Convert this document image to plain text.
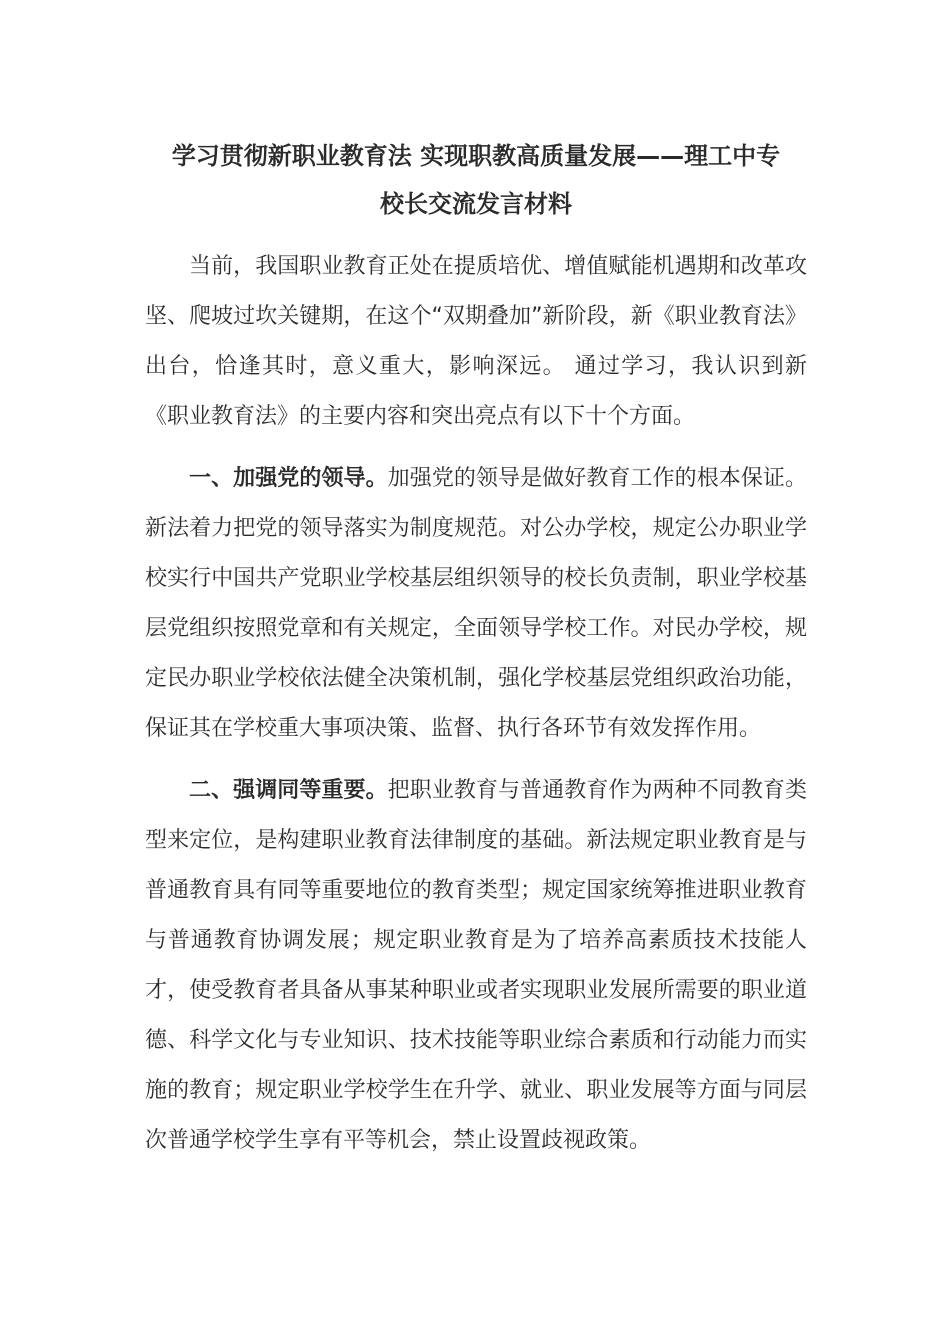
学习贯彻新职业教育法 实现职教高质量发展——理工中专
校长交流发言材料

当前，我国职业教育正处在提质培优、增值赋能机遇期和改革攻坚、爬坡过坎关键期，在这个“双期叠加”新阶段，新《职业教育法》出台，恰逢其时，意义重大，影响深远。 通过学习，我认识到新《职业教育法》的主要内容和突出亮点有以下十个方面。

一、加强党的领导。加强党的领导是做好教育工作的根本保证。新法着力把党的领导落实为制度规范。对公办学校，规定公办职业学校实行中国共产党职业学校基层组织领导的校长负责制，职业学校基层党组织按照党章和有关规定，全面领导学校工作。对民办学校，规定民办职业学校依法健全决策机制，强化学校基层党组织政治功能，保证其在学校重大事项决策、监督、执行各环节有效发挥作用。

二、强调同等重要。把职业教育与普通教育作为两种不同教育类型来定位，是构建职业教育法律制度的基础。新法规定职业教育是与普通教育具有同等重要地位的教育类型；规定国家统筹推进职业教育与普通教育协调发展；规定职业教育是为了培养高素质技术技能人才，使受教育者具备从事某种职业或者实现职业发展所需要的职业道德、科学文化与专业知识、技术技能等职业综合素质和行动能力而实施的教育；规定职业学校学生在升学、就业、职业发展等方面与同层次普通学校学生享有平等机会，禁止设置歧视政策。
